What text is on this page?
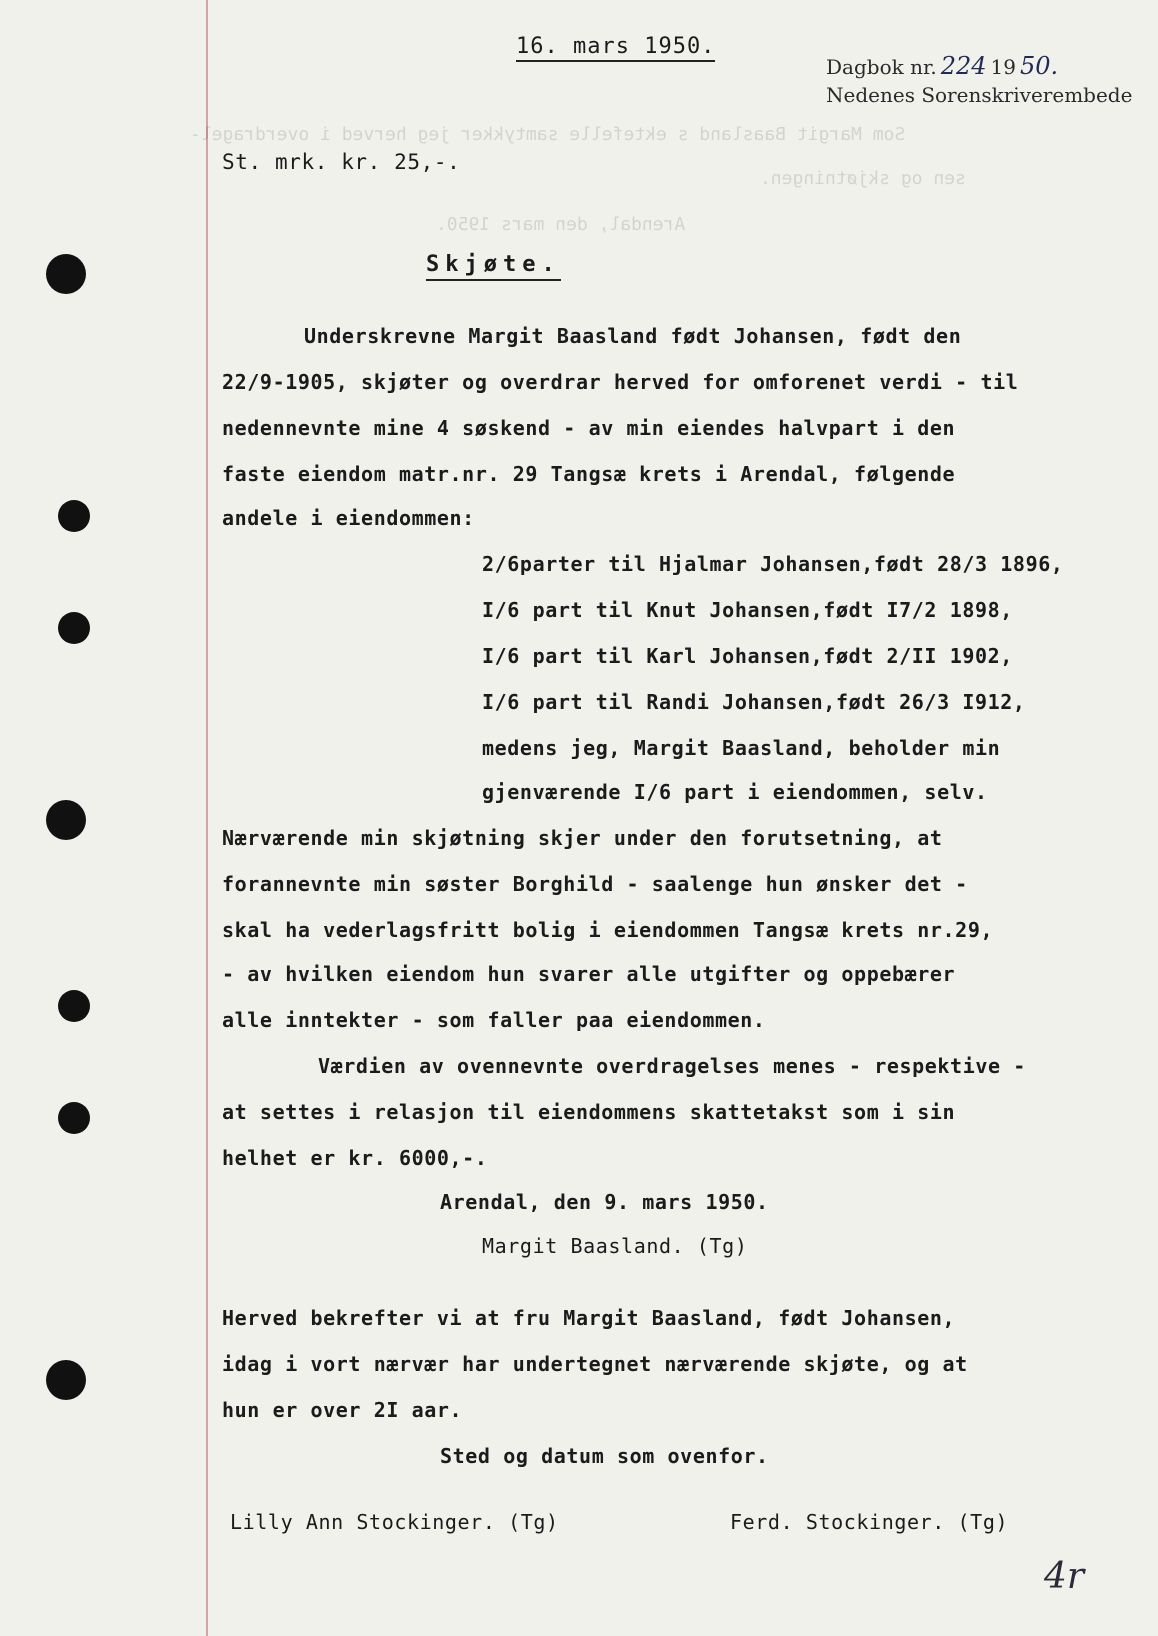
Som Margit Baasland s ektefelle samtykker jeg herved i overdragel-
sen og skjøtningen.
Arendal, den mars 1950.
16. mars 1950.
Dagbok nr. 224 19 50.
Nedenes Sorenskriverembede
St. mrk. kr. 25,-.
Skjøte.
Underskrevne Margit Baasland født Johansen, født den
22/9-1905, skjøter og overdrar herved for omforenet verdi - til
nedennevnte mine 4 søskend - av min eiendes halvpart i den
faste eiendom matr.nr. 29 Tangsæ krets i Arendal, følgende
andele i eiendommen:
2/6parter til Hjalmar Johansen,født 28/3 1896,
I/6 part til Knut Johansen,født I7/2 1898,
I/6 part til Karl Johansen,født 2/II 1902,
I/6 part til Randi Johansen,født 26/3 I912,
medens jeg, Margit Baasland, beholder min
gjenværende I/6 part i eiendommen, selv.
Nærværende min skjøtning skjer under den forutsetning, at
forannevnte min søster Borghild - saalenge hun ønsker det -
skal ha vederlagsfritt bolig i eiendommen Tangsæ krets nr.29,
- av hvilken eiendom hun svarer alle utgifter og oppebærer
alle inntekter - som faller paa eiendommen.
Værdien av ovennevnte overdragelses menes - respektive -
at settes i relasjon til eiendommens skattetakst som i sin
helhet er kr. 6000,-.
Arendal, den 9. mars 1950.
Margit Baasland. (Tg)
Herved bekrefter vi at fru Margit Baasland, født Johansen,
idag i vort nærvær har undertegnet nærværende skjøte, og at
hun er over 2I aar.
Sted og datum som ovenfor.
Lilly Ann Stockinger. (Tg)	Ferd. Stockinger. (Tg)
4r
